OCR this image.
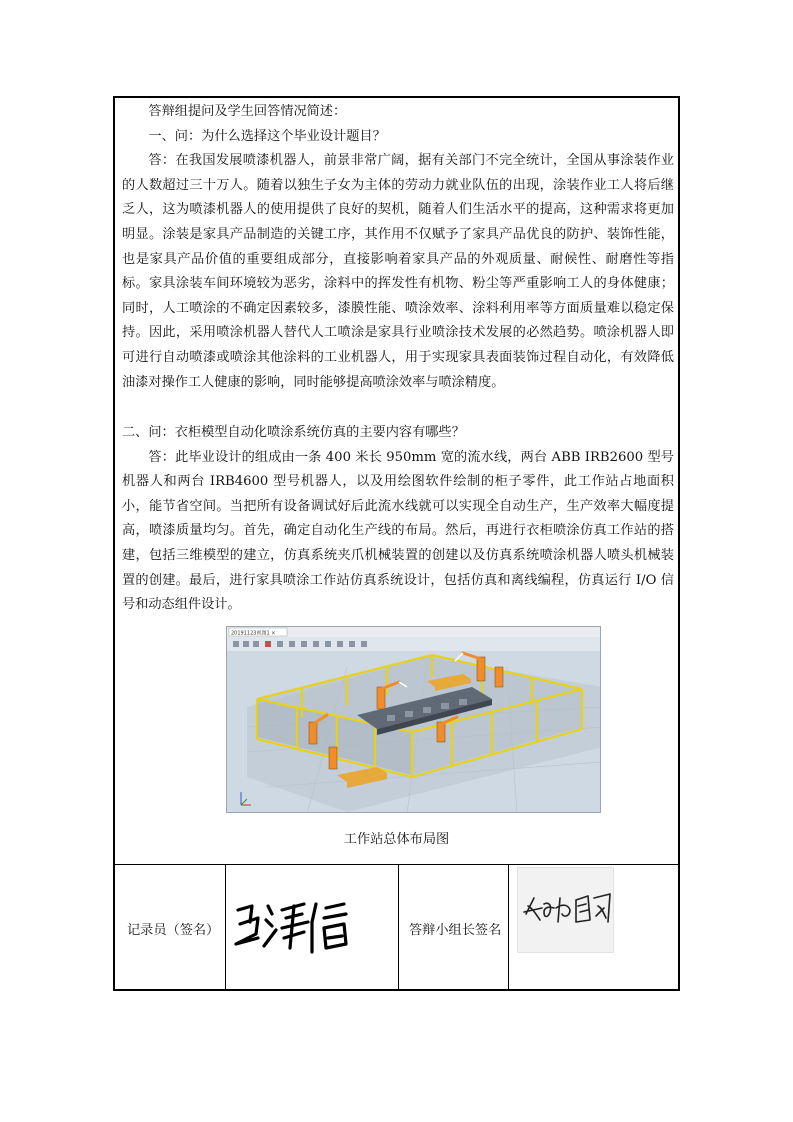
答辩组提问及学生回答情况简述：

一、问：为什么选择这个毕业设计题目？

答：在我国发展喷漆机器人，前景非常广阔，据有关部门不完全统计，全国从事涂装作业的人数超过三十万人。随着以独生子女为主体的劳动力就业队伍的出现，涂装作业工人将后继乏人，这为喷漆机器人的使用提供了良好的契机，随着人们生活水平的提高，这种需求将更加明显。涂装是家具产品制造的关键工序，其作用不仅赋予了家具产品优良的防护、装饰性能，也是家具产品价值的重要组成部分，直接影响着家具产品的外观质量、耐候性、耐磨性等指标。家具涂装车间环境较为恶劣，涂料中的挥发性有机物、粉尘等严重影响工人的身体健康；同时，人工喷涂的不确定因素较多，漆膜性能、喷涂效率、涂料利用率等方面质量难以稳定保持。因此，采用喷涂机器人替代人工喷涂是家具行业喷涂技术发展的必然趋势。喷涂机器人即可进行自动喷漆或喷涂其他涂料的工业机器人，用于实现家具表面装饰过程自动化，有效降低油漆对操作工人健康的影响，同时能够提高喷涂效率与喷涂精度。

二、问：衣柜模型自动化喷涂系统仿真的主要内容有哪些？

答：此毕业设计的组成由一条 400 米长 950mm 宽的流水线，两台 ABB IRB2600 型号机器人和两台 IRB4600 型号机器人，以及用绘图软件绘制的柜子零件，此工作站占地面积小，能节省空间。当把所有设备调试好后此流水线就可以实现全自动生产，生产效率大幅度提高，喷漆质量均匀。首先，确定自动化生产线的布局。然后，再进行衣柜喷涂仿真工作站的搭建，包括三维模型的建立，仿真系统夹爪机械装置的创建以及仿真系统喷涂机器人喷头机械装置的创建。最后，进行家具喷涂工作站仿真系统设计，包括仿真和离线编程，仿真运行 I/O 信号和动态组件设计。

20191123视图1 ×
工作站总体布局图
记录员（签名）	答辩小组长签名
